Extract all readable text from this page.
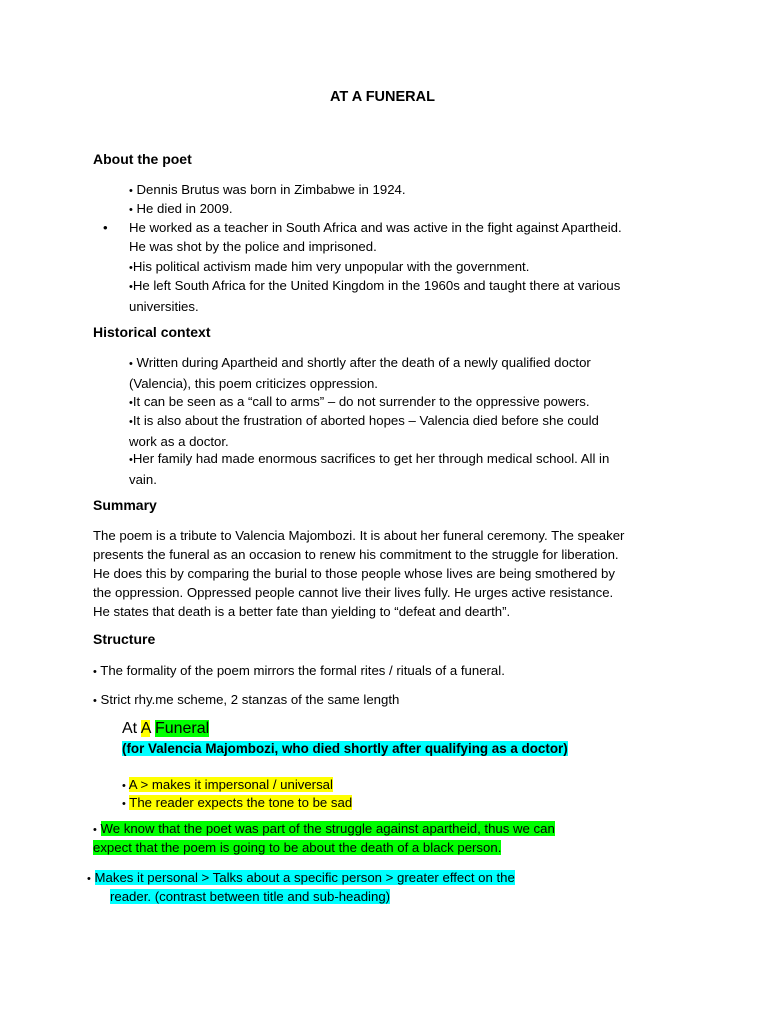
AT A FUNERAL
About the poet
• Dennis Brutus was born in Zimbabwe in 1924.
• He died in 2009.
• He worked as a teacher in South Africa and was active in the fight against Apartheid.
He was shot by the police and imprisoned.
•His political activism made him very unpopular with the government.
•He left South Africa for the United Kingdom in the 1960s and taught there at various
universities.
Historical context
• Written during Apartheid and shortly after the death of a newly qualified doctor
(Valencia), this poem criticizes oppression.
•It can be seen as a “call to arms” – do not surrender to the oppressive powers.
•It is also about the frustration of aborted hopes – Valencia died before she could
work as a doctor.
•Her family had made enormous sacrifices to get her through medical school. All in
vain.
Summary
The poem is a tribute to Valencia Majombozi. It is about her funeral ceremony. The speaker
presents the funeral as an occasion to renew his commitment to the struggle for liberation.
He does this by comparing the burial to those people whose lives are being smothered by
the oppression. Oppressed people cannot live their lives fully. He urges active resistance.
He states that death is a better fate than yielding to “defeat and dearth”.
Structure
• The formality of the poem mirrors the formal rites / rituals of a funeral.
• Strict rhy.me scheme, 2 stanzas of the same length
At A Funeral
(for Valencia Majombozi, who died shortly after qualifying as a doctor)
• A > makes it impersonal / universal
• The reader expects the tone to be sad
• We know that the poet was part of the struggle against apartheid, thus we can
expect that the poem is going to be about the death of a black person.
• Makes it personal > Talks about a specific person > greater effect on the
reader. (contrast between title and sub-heading)
